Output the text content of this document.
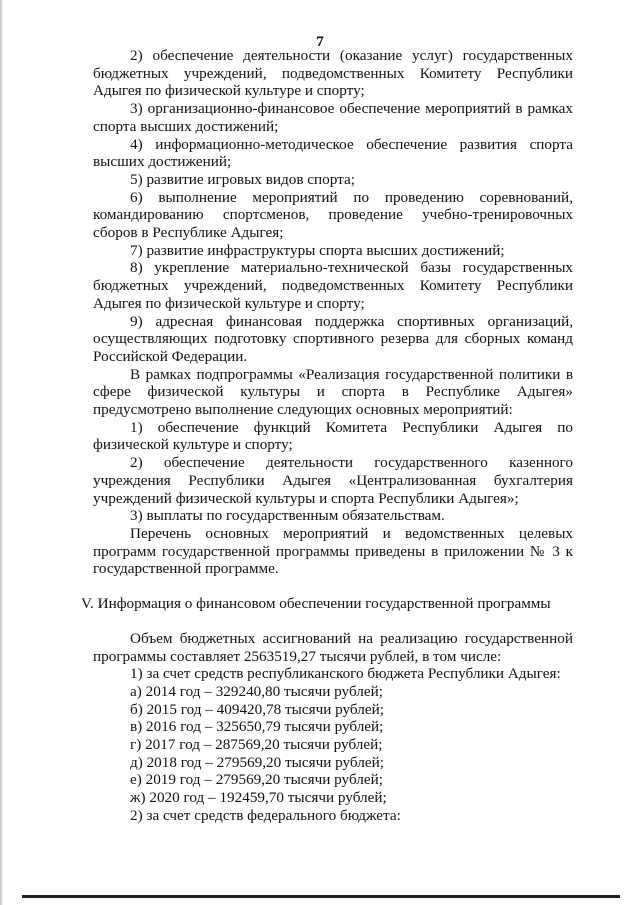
7

2) обеспечение деятельности (оказание услуг) государственных бюджетных учреждений, подведомственных Комитету Республики Адыгея по физической культуре и спорту;

3) организационно-финансовое обеспечение мероприятий в рамках спорта высших достижений;

4) информационно-методическое обеспечение развития спорта высших достижений;

5) развитие игровых видов спорта;

6) выполнение мероприятий по проведению соревнований, командированию спортсменов, проведение учебно-тренировочных сборов в Республике Адыгея;

7) развитие инфраструктуры спорта высших достижений;

8) укрепление материально-технической базы государственных бюджетных учреждений, подведомственных Комитету Республики Адыгея по физической культуре и спорту;

9) адресная финансовая поддержка спортивных организаций, осуществляющих подготовку спортивного резерва для сборных команд Российской Федерации.

В рамках подпрограммы «Реализация государственной политики в сфере физической культуры и спорта в Республике Адыгея» предусмотрено выполнение следующих основных мероприятий:

1) обеспечение функций Комитета Республики Адыгея по физической культуре и спорту;

2) обеспечение деятельности государственного казенного учреждения Республики Адыгея «Централизованная бухгалтерия учреждений физической культуры и спорта Республики Адыгея»;

3) выплаты по государственным обязательствам.

Перечень основных мероприятий и ведомственных целевых программ государственной программы приведены в приложении № 3 к государственной программе.

V. Информация о финансовом обеспечении государственной программы

Объем бюджетных ассигнований на реализацию государственной программы составляет 2563519,27 тысячи рублей, в том числе:

1) за счет средств республиканского бюджета Республики Адыгея:

а) 2014 год – 329240,80 тысячи рублей;
б) 2015 год – 409420,78 тысячи рублей;
в) 2016 год – 325650,79 тысячи рублей;
г) 2017 год – 287569,20 тысячи рублей;
д) 2018 год – 279569,20 тысячи рублей;
е) 2019 год – 279569,20 тысячи рублей;
ж) 2020 год – 192459,70 тысячи рублей;

2) за счет средств федерального бюджета:
